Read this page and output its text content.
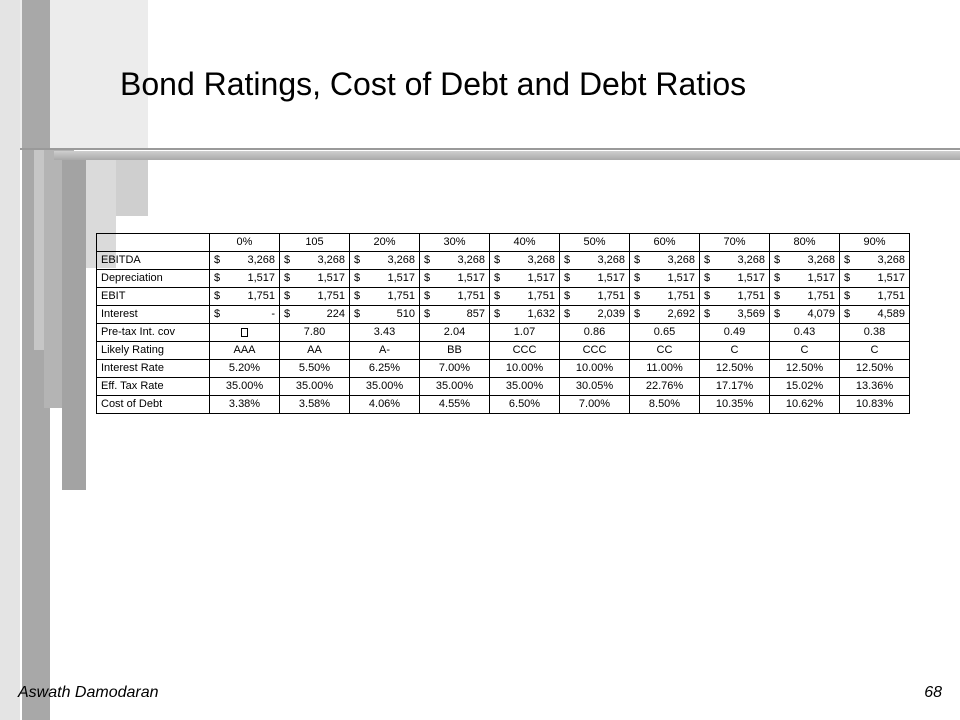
Bond Ratings, Cost of Debt and Debt Ratios
	0%	105	20%	30%	40%	50%	60%	70%	80%	90%
EBITDA	$ 3,268	$ 3,268	$ 3,268	$ 3,268	$ 3,268	$ 3,268	$ 3,268	$ 3,268	$ 3,268	$ 3,268

Depreciation	$ 1,517	$ 1,517	$ 1,517	$ 1,517	$ 1,517	$ 1,517	$ 1,517	$ 1,517	$ 1,517	$ 1,517

EBIT	$ 1,751	$ 1,751	$ 1,751	$ 1,751	$ 1,751	$ 1,751	$ 1,751	$ 1,751	$ 1,751	$ 1,751

Interest	$ -	$ 224	$ 510	$ 857	$ 1,632	$ 2,039	$ 2,692	$ 3,569	$ 4,079	$ 4,589

Pre-tax Int. cov		7.80	3.43	2.04	1.07	0.86	0.65	0.49	0.43	0.38
Likely Rating	AAA	AA	A-	BB	CCC	CCC	CC	C	C	C
Interest Rate	5.20%	5.50%	6.25%	7.00%	10.00%	10.00%	11.00%	12.50%	12.50%	12.50%
Eff. Tax Rate	35.00%	35.00%	35.00%	35.00%	35.00%	30.05%	22.76%	17.17%	15.02%	13.36%
Cost of Debt	3.38%	3.58%	4.06%	4.55%	6.50%	7.00%	8.50%	10.35%	10.62%	10.83%
Aswath Damodaran	68
